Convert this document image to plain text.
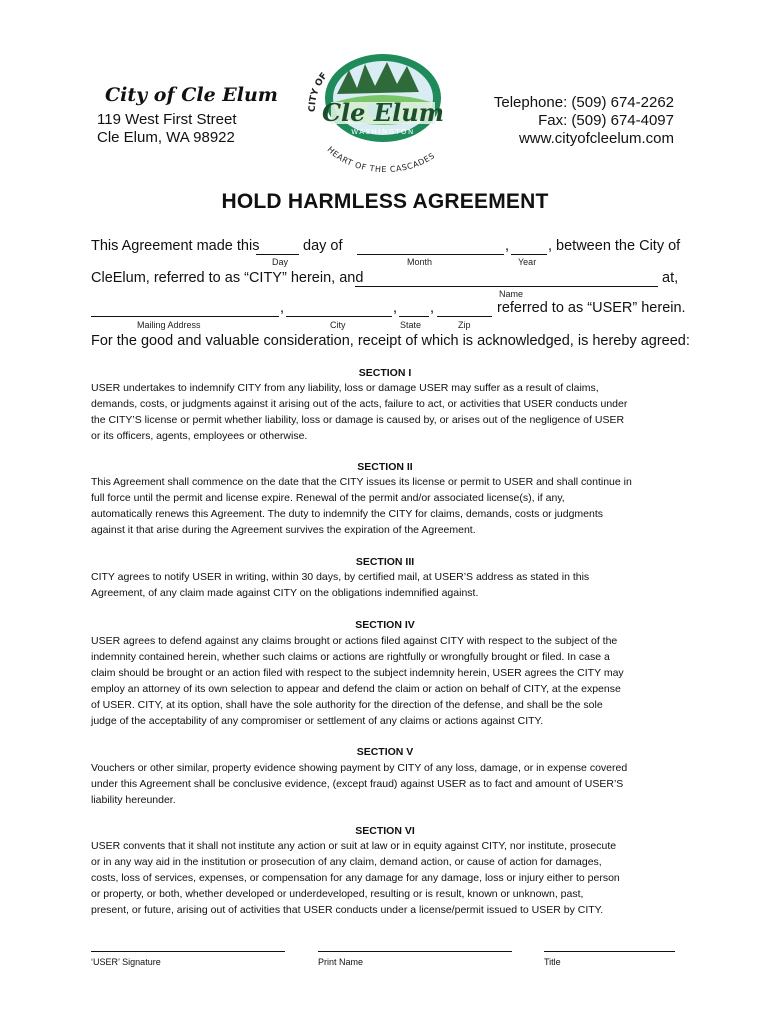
City of Cle Elum
119 West First Street
Cle Elum, WA 98922
Telephone: (509) 674-2262
Fax: (509) 674-4097
www.cityofcleelum.com
Cle Elum
WASHINGTON
CITY OF
HEART OF THE CASCADES
HOLD HARMLESS AGREEMENT
This Agreement made this	day of	,	, between the City of
Day	Month	Year
CleElum, referred to as “CITY” herein, and	at,
Name
,	, ,	referred to as “USER” herein.
Mailing Address	City	State	Zip
For the good and valuable consideration, receipt of which is acknowledged, is hereby agreed:
SECTION I
USER undertakes to indemnify CITY from any liability, loss or damage USER may suffer as a result of claims,
demands, costs, or judgments against it arising out of the acts, failure to act, or activities that USER conducts under
the CITY’S license or permit whether liability, loss or damage is caused by, or arises out of the negligence of USER
or its officers, agents, employees or otherwise.
SECTION II
This Agreement shall commence on the date that the CITY issues its license or permit to USER and shall continue in
full force until the permit and license expire. Renewal of the permit and/or associated license(s), if any,
automatically renews this Agreement. The duty to indemnify the CITY for claims, demands, costs or judgments
against it that arise during the Agreement survives the expiration of the Agreement.
SECTION III
CITY agrees to notify USER in writing, within 30 days, by certified mail, at USER’S address as stated in this
Agreement, of any claim made against CITY on the obligations indemnified against.
SECTION IV
USER agrees to defend against any claims brought or actions filed against CITY with respect to the subject of the
indemnity contained herein, whether such claims or actions are rightfully or wrongfully brought or filed. In case a
claim should be brought or an action filed with respect to the subject indemnity herein, USER agrees the CITY may
employ an attorney of its own selection to appear and defend the claim or action on behalf of CITY, at the expense
of USER. CITY, at its option, shall have the sole authority for the direction of the defense, and shall be the sole
judge of the acceptability of any compromiser or settlement of any claims or actions against CITY.
SECTION V
Vouchers or other similar, property evidence showing payment by CITY of any loss, damage, or in expense covered
under this Agreement shall be conclusive evidence, (except fraud) against USER as to fact and amount of USER’S
liability hereunder.
SECTION VI
USER convents that it shall not institute any action or suit at law or in equity against CITY, nor institute, prosecute
or in any way aid in the institution or prosecution of any claim, demand action, or cause of action for damages,
costs, loss of services, expenses, or compensation for any damage for any damage, loss or injury either to person
or property, or both, whether developed or underdeveloped, resulting or is result, known or unknown, past,
present, or future, arising out of activities that USER conducts under a license/permit issued to USER by CITY.
‘USER’ Signature	Print Name	Title
